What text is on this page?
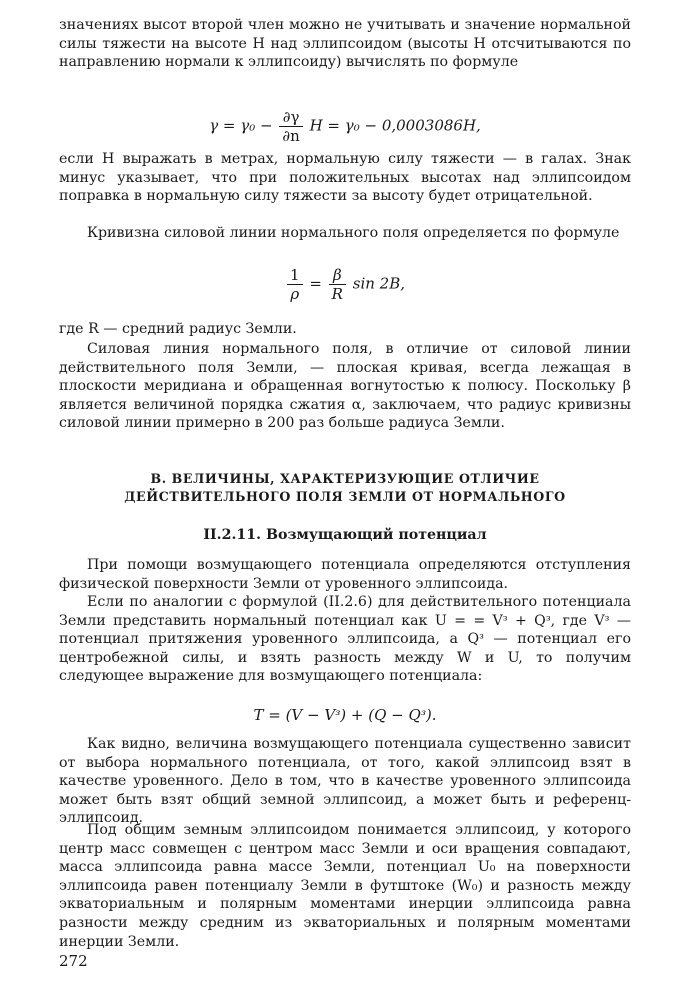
значениях высот второй член можно не учитывать и значение нормальной силы тяжести на высоте H над эллипсоидом (высоты H отсчитываются по направлению нормали к эллипсоиду) вычислять по формуле

$\gamma = \gamma_0 - \frac{\partial\gamma}{\partial n}$ H = γ₀ − 0,0003086H,

если H выражать в метрах, нормальную силу тяжести — в галах. Знак минус указывает, что при положительных высотах над эллипсоидом поправка в нормальную силу тяжести за высоту будет отрицательной.

Кривизна силовой линии нормального поля определяется по формуле

$\frac{1}{\rho} = \frac{\beta}{R}$ sin 2B,

где R — средний радиус Земли.

Силовая линия нормального поля, в отличие от силовой линии действительного поля Земли, — плоская кривая, всегда лежащая в плоскости меридиана и обращенная вогнутостью к полюсу. Поскольку β является величиной порядка сжатия α, заключаем, что радиус кривизны силовой линии примерно в 200 раз больше радиуса Земли.

В. ВЕЛИЧИНЫ, ХАРАКТЕРИЗУЮЩИЕ ОТЛИЧИЕ
ДЕЙСТВИТЕЛЬНОГО ПОЛЯ ЗЕМЛИ ОТ НОРМАЛЬНОГО
II.2.11. Возмущающий потенциал

При помощи возмущающего потенциала определяются отступления физической поверхности Земли от уровенного эллипсоида.

Если по аналогии с формулой (II.2.6) для действительного потенциала Земли представить нормальный потенциал как U = = Vᵌ + Qᵌ, где Vᵌ — потенциал притяжения уровенного эллипсоида, а Qᵌ — потенциал его центробежной силы, и взять разность между W и U, то получим следующее выражение для возмущающего потенциала:

T = (V − Vᵌ) + (Q − Qᵌ).

Как видно, величина возмущающего потенциала существенно зависит от выбора нормального потенциала, от того, какой эллипсоид взят в качестве уровенного. Дело в том, что в качестве уровенного эллипсоида может быть взят общий земной эллипсоид, а может быть и референц-эллипсоид.

Под общим земным эллипсоидом понимается эллипсоид, у которого центр масс совмещен с центром масс Земли и оси вращения совпадают, масса эллипсоида равна массе Земли, потенциал U₀ на поверхности эллипсоида равен потенциалу Земли в футштоке (W₀) и разность между экваториальным и полярным моментами инерции эллипсоида равна разности между средним из экваториальных и полярным моментами инерции Земли.

272
